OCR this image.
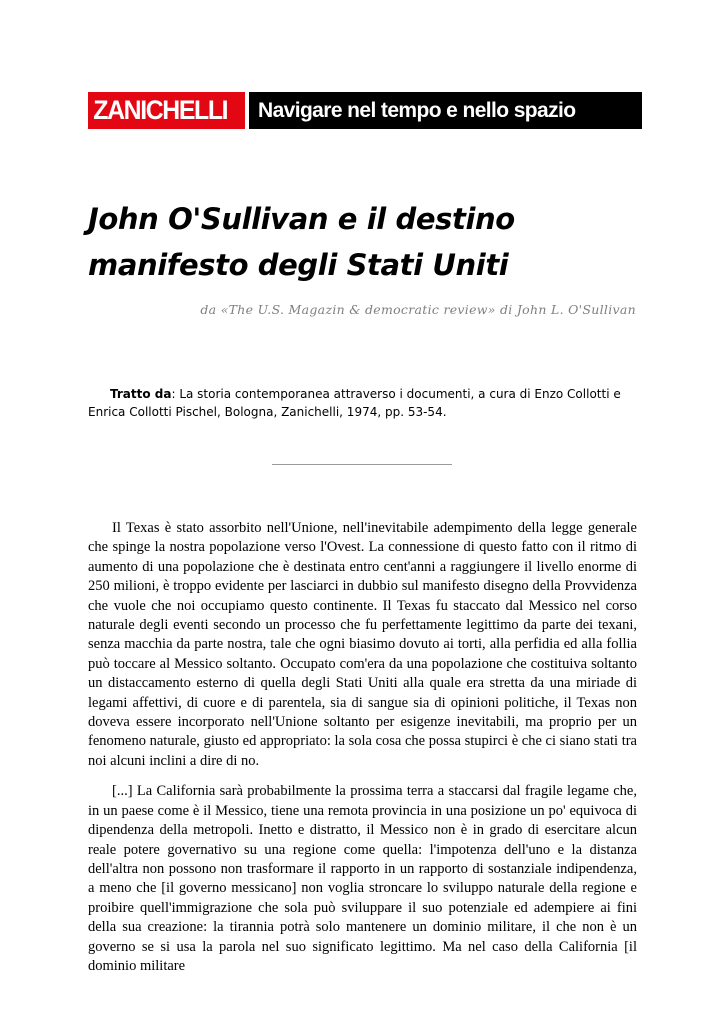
ZANICHELLI	Navigare nel tempo e nello spazio
John O'Sullivan e il destino manifesto degli Stati Uniti

da «The U.S. Magazin & democratic review» di John L. O'Sullivan

Tratto da: La storia contemporanea attraverso i documenti, a cura di Enzo Collotti e Enrica Collotti Pischel, Bologna, Zanichelli, 1974, pp. 53-54.

Il Texas è stato assorbito nell'Unione, nell'inevitabile adempimento della legge generale che spinge la nostra popolazione verso l'Ovest. La connessione di questo fatto con il ritmo di aumento di una popolazione che è destinata entro cent'anni a raggiungere il livello enorme di 250 milioni, è troppo evidente per lasciarci in dubbio sul manifesto disegno della Provvidenza che vuole che noi occupiamo questo continente. Il Texas fu staccato dal Messico nel corso naturale degli eventi secondo un processo che fu perfettamente legittimo da parte dei texani, senza macchia da parte nostra, tale che ogni biasimo dovuto ai torti, alla perfidia ed alla follia può toccare al Messico soltanto. Occupato com'era da una popolazione che costituiva soltanto un distaccamento esterno di quella degli Stati Uniti alla quale era stretta da una miriade di legami affettivi, di cuore e di parentela, sia di sangue sia di opinioni politiche, il Texas non doveva essere incorporato nell'Unione soltanto per esigenze inevitabili, ma proprio per un fenomeno naturale, giusto ed appropriato: la sola cosa che possa stupirci è che ci siano stati tra noi alcuni inclini a dire di no.

[...] La California sarà probabilmente la prossima terra a staccarsi dal fragile legame che, in un paese come è il Messico, tiene una remota provincia in una posizione un po' equivoca di dipendenza della metropoli. Inetto e distratto, il Messico non è in grado di esercitare alcun reale potere governativo su una regione come quella: l'impotenza dell'uno e la distanza dell'altra non possono non trasformare il rapporto in un rapporto di sostanziale indipendenza, a meno che [il governo messicano] non voglia stroncare lo sviluppo naturale della regione e proibire quell'immigrazione che sola può sviluppare il suo potenziale ed adempiere ai fini della sua creazione: la tirannia potrà solo mantenere un dominio militare, il che non è un governo se si usa la parola nel suo significato legittimo. Ma nel caso della California [il dominio militare
